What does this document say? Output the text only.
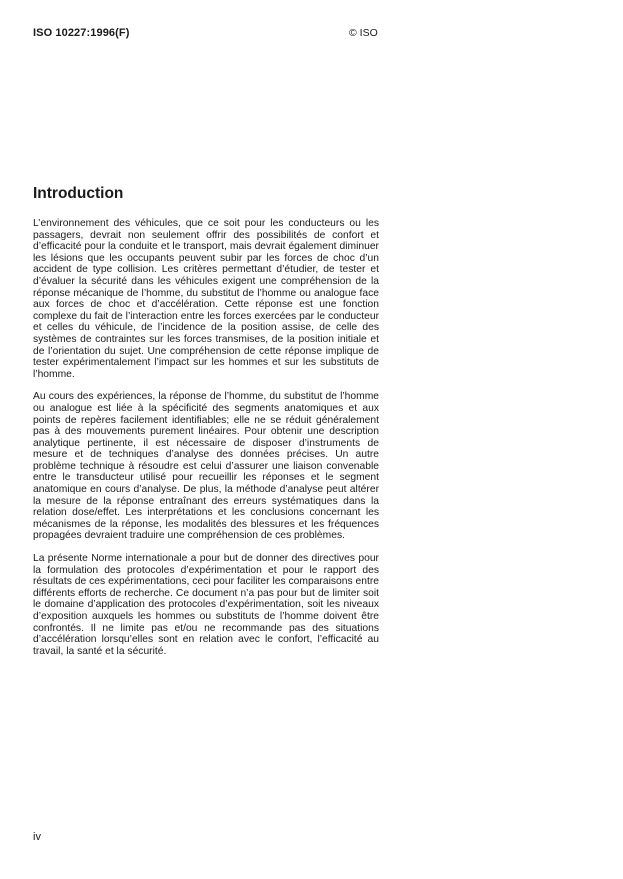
ISO 10227:1996(F)	© ISO
Introduction

L’environnement des véhicules, que ce soit pour les conducteurs ou les passagers, devrait non seulement offrir des possibilités de confort et d’efficacité pour la conduite et le transport, mais devrait également diminuer les lésions que les occupants peuvent subir par les forces de choc d’un accident de type collision. Les critères permettant d’étudier, de tester et d’évaluer la sécurité dans les véhicules exigent une compréhension de la réponse mécanique de l’homme, du substitut de l’homme ou analogue face aux forces de choc et d’accélération. Cette réponse est une fonction complexe du fait de l’interaction entre les forces exercées par le conducteur et celles du véhicule, de l’incidence de la position assise, de celle des systèmes de contraintes sur les forces transmises, de la position initiale et de l’orientation du sujet. Une compréhension de cette réponse implique de tester expérimentalement l’impact sur les hommes et sur les substituts de l’homme.

Au cours des expériences, la réponse de l’homme, du substitut de l’homme ou analogue est liée à la spécificité des segments anatomiques et aux points de repères facilement identifiables; elle ne se réduit généralement pas à des mouvements purement linéaires. Pour obtenir une description analytique pertinente, il est nécessaire de disposer d’instruments de mesure et de techniques d’analyse des données précises. Un autre problème technique à résoudre est celui d’assurer une liaison convenable entre le transducteur utilisé pour recueillir les réponses et le segment anatomique en cours d’analyse. De plus, la méthode d’analyse peut altérer la mesure de la réponse entraînant des erreurs systématiques dans la relation dose/effet. Les interprétations et les conclusions concernant les mécanismes de la réponse, les modalités des blessures et les fréquences propagées devraient traduire une compréhension de ces problèmes.

La présente Norme internationale a pour but de donner des directives pour la formulation des protocoles d’expérimentation et pour le rapport des résultats de ces expérimentations, ceci pour faciliter les comparaisons entre différents efforts de recherche. Ce document n’a pas pour but de limiter soit le domaine d’application des protocoles d’expérimentation, soit les niveaux d’exposition auxquels les hommes ou substituts de l’homme doivent être confrontés. Il ne limite pas et/ou ne recommande pas des situations d’accélération lorsqu’elles sont en relation avec le confort, l’efficacité au travail, la santé et la sécurité.

iv
